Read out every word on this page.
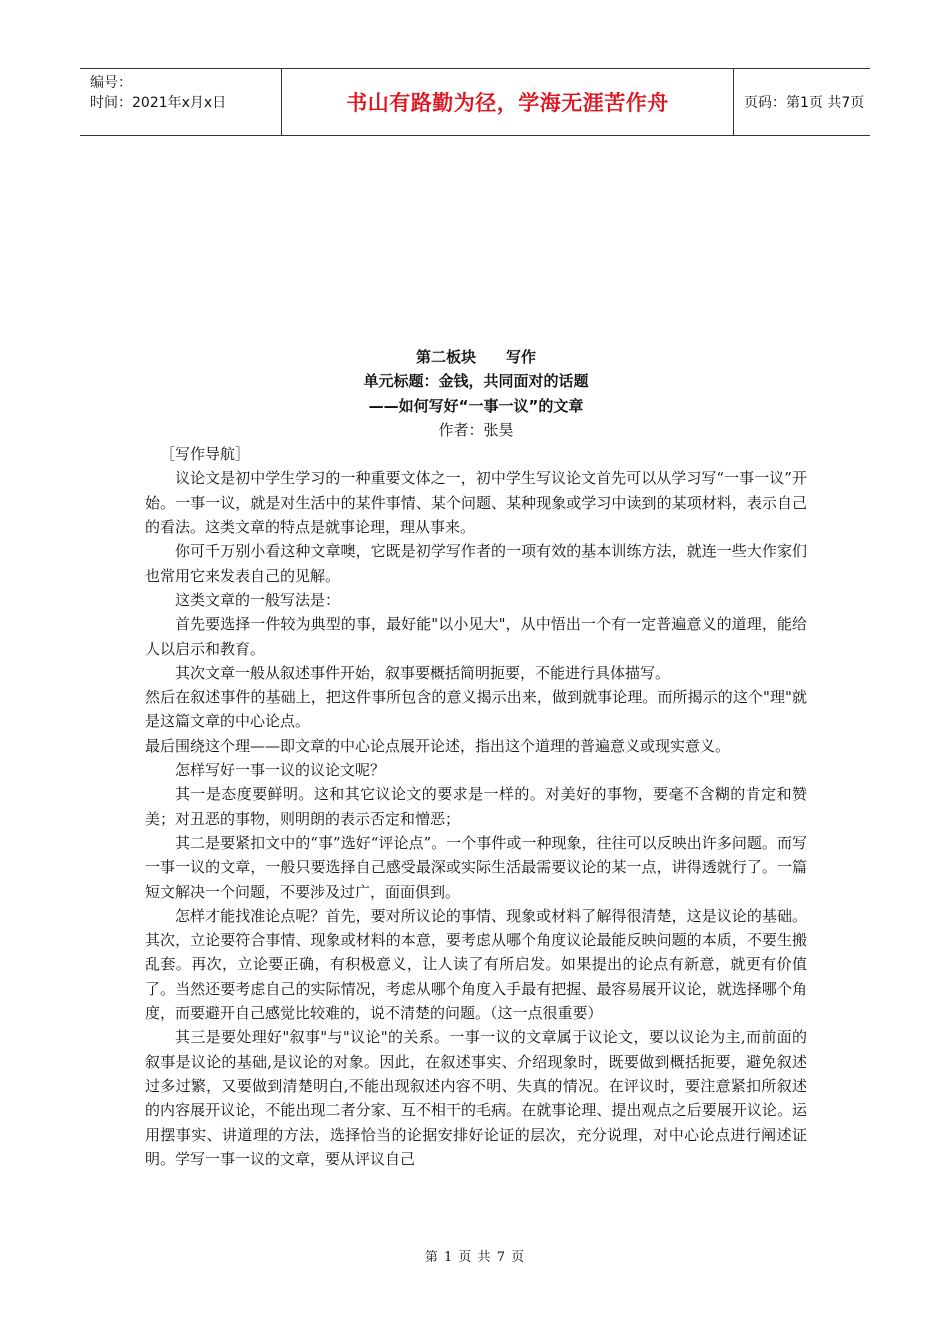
编号：
时间：2021年x月x日	书山有路勤为径，学海无涯苦作舟	页码：第1页 共7页
第二板块　　写作
单元标题：金钱，共同面对的话题
——如何写好“一事一议”的文章
作者：张昊

［写作导航］

议论文是初中学生学习的一种重要文体之一，初中学生写议论文首先可以从学习写“一事一议”开始。一事一议，就是对生活中的某件事情、某个问题、某种现象或学习中读到的某项材料，表示自己的看法。这类文章的特点是就事论理，理从事来。

你可千万别小看这种文章噢，它既是初学写作者的一项有效的基本训练方法，就连一些大作家们也常用它来发表自己的见解。

这类文章的一般写法是：

首先要选择一件较为典型的事，最好能"以小见大"，从中悟出一个有一定普遍意义的道理，能给人以启示和教育。

其次文章一般从叙述事件开始，叙事要概括简明扼要，不能进行具体描写。

然后在叙述事件的基础上，把这件事所包含的意义揭示出来，做到就事论理。而所揭示的这个"理"就是这篇文章的中心论点。

最后围绕这个理——即文章的中心论点展开论述，指出这个道理的普遍意义或现实意义。

怎样写好一事一议的议论文呢？

其一是态度要鲜明。这和其它议论文的要求是一样的。对美好的事物，要毫不含糊的肯定和赞美；对丑恶的事物，则明朗的表示否定和憎恶；

其二是要紧扣文中的“事”选好“评论点”。一个事件或一种现象，往往可以反映出许多问题。而写一事一议的文章，一般只要选择自己感受最深或实际生活最需要议论的某一点，讲得透就行了。一篇短文解决一个问题，不要涉及过广，面面俱到。

怎样才能找准论点呢？首先，要对所议论的事情、现象或材料了解得很清楚，这是议论的基础。其次，立论要符合事情、现象或材料的本意，要考虑从哪个角度议论最能反映问题的本质，不要生搬乱套。再次，立论要正确，有积极意义，让人读了有所启发。如果提出的论点有新意，就更有价值了。当然还要考虑自己的实际情况，考虑从哪个角度入手最有把握、最容易展开议论，就选择哪个角度，而要避开自己感觉比较难的，说不清楚的问题。（这一点很重要）

其三是要处理好"叙事"与"议论"的关系。一事一议的文章属于议论文，要以议论为主,而前面的叙事是议论的基础,是议论的对象。因此，在叙述事实、介绍现象时，既要做到概括扼要，避免叙述过多过繁，又要做到清楚明白,不能出现叙述内容不明、失真的情况。在评议时，要注意紧扣所叙述的内容展开议论，不能出现二者分家、互不相干的毛病。在就事论理、提出观点之后要展开议论。运用摆事实、讲道理的方法，选择恰当的论据安排好论证的层次，充分说理，对中心论点进行阐述证明。学写一事一议的文章，要从评议自己

第 1 页 共 7 页
